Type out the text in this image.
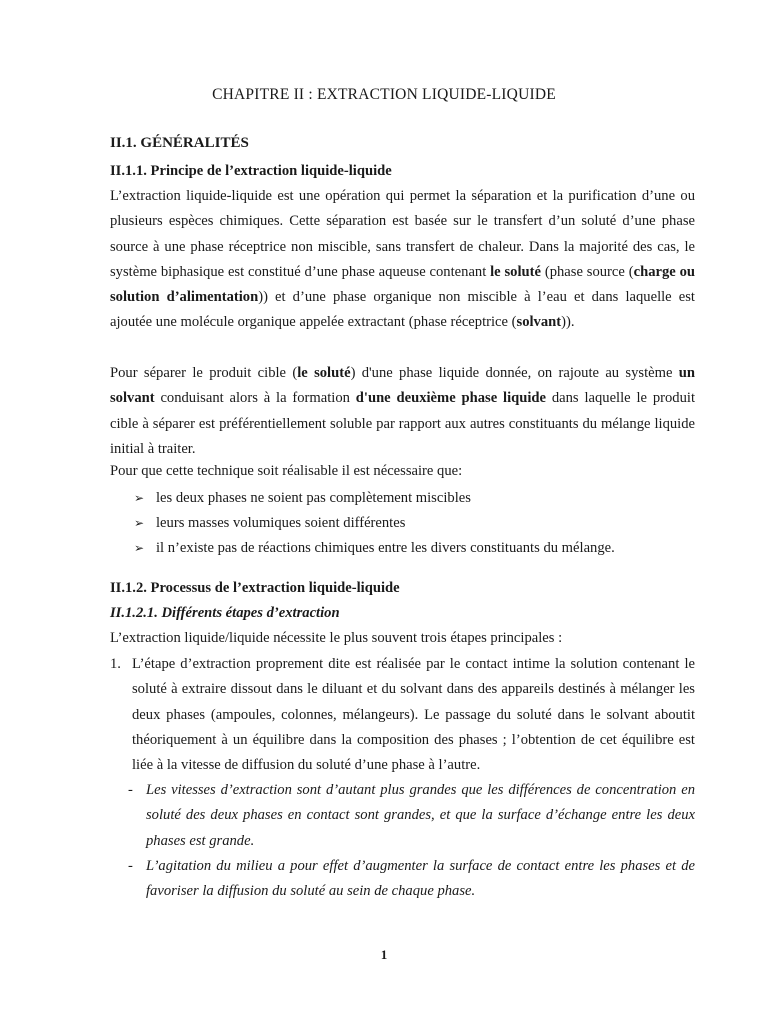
CHAPITRE II : EXTRACTION LIQUIDE-LIQUIDE
II.1. GÉNÉRALITÉS
II.1.1. Principe de l’extraction liquide-liquide
L’extraction liquide-liquide est une opération qui permet la séparation et la purification d’une ou plusieurs espèces chimiques. Cette séparation est basée sur le transfert d’un soluté d’une phase source à une phase réceptrice non miscible, sans transfert de chaleur. Dans la majorité des cas, le système biphasique est constitué d’une phase aqueuse contenant le soluté (phase source (charge ou solution d’alimentation)) et d’une phase organique non miscible à l’eau et dans laquelle est ajoutée une molécule organique appelée extractant (phase réceptrice (solvant)).
Pour séparer le produit cible (le soluté) d'une phase liquide donnée, on rajoute au système un solvant conduisant alors à la formation d'une deuxième phase liquide dans laquelle le produit cible à séparer est préférentiellement soluble par rapport aux autres constituants du mélange liquide initial à traiter.
Pour que cette technique soit réalisable il est nécessaire que:
➢ les deux phases ne soient pas complètement miscibles
➢ leurs masses volumiques soient différentes
➢ il n’existe pas de réactions chimiques entre les divers constituants du mélange.
II.1.2. Processus de l’extraction liquide-liquide
II.1.2.1. Différents étapes d’extraction
L’extraction liquide/liquide nécessite le plus souvent trois étapes principales :
1. L’étape d’extraction proprement dite est réalisée par le contact intime la solution contenant le soluté à extraire dissout dans le diluant et du solvant dans des appareils destinés à mélanger les deux phases (ampoules, colonnes, mélangeurs). Le passage du soluté dans le solvant aboutit théoriquement à un équilibre dans la composition des phases ; l’obtention de cet équilibre est liée à la vitesse de diffusion du soluté d’une phase à l’autre.
- Les vitesses d’extraction sont d’autant plus grandes que les différences de concentration en soluté des deux phases en contact sont grandes, et que la surface d’échange entre les deux phases est grande.
- L’agitation du milieu a pour effet d’augmenter la surface de contact entre les phases et de favoriser la diffusion du soluté au sein de chaque phase.
1
